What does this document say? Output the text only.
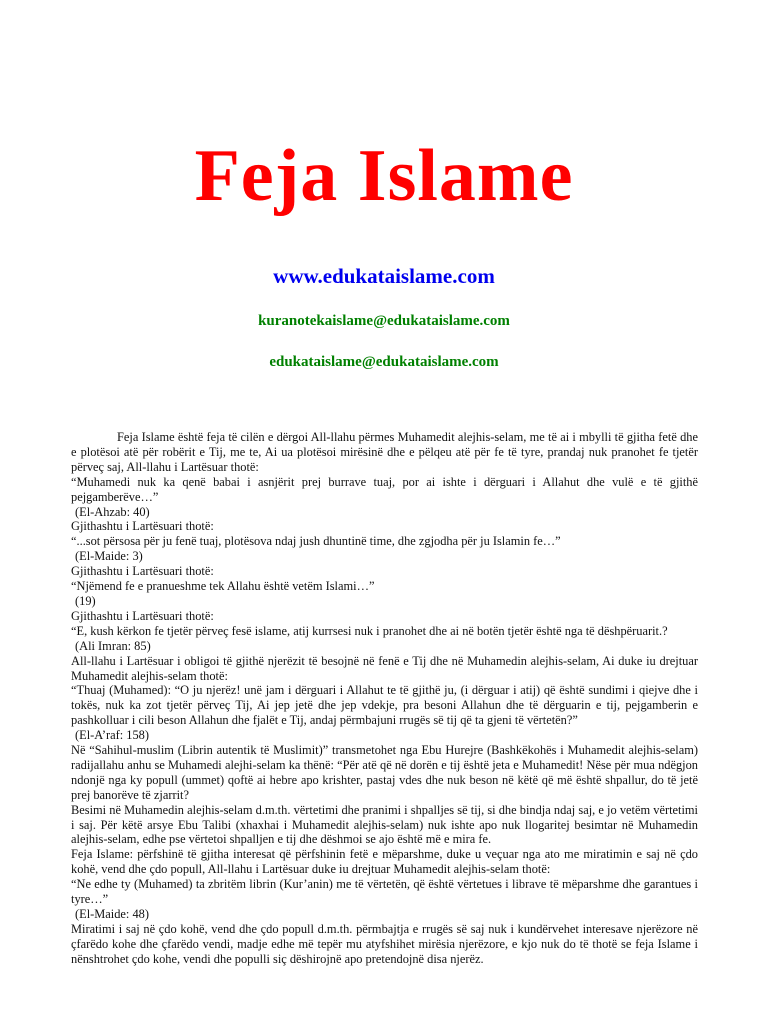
Feja Islame
www.edukataislame.com
kuranotekaislame@edukataislame.com
edukataislame@edukataislame.com

Feja Islame është feja të cilën e dërgoi All-llahu përmes Muhamedit alejhis-selam, me të ai i mbylli të gjitha fetë dhe e plotësoi atë për robërit e Tij, me te, Ai ua plotësoi mirësinë dhe e pëlqeu atë për fe të tyre, prandaj nuk pranohet fe tjetër përveç saj, All-llahu i Lartësuar thotë:

“Muhamedi nuk ka qenë babai i asnjërit prej burrave tuaj, por ai ishte i dërguari i Allahut dhe vulë e të gjithë pejgamberëve…”

(El-Ahzab: 40)

Gjithashtu i Lartësuari thotë:

“...sot përsosa për ju fenë tuaj, plotësova ndaj jush dhuntinë time, dhe zgjodha për ju Islamin fe…”

(El-Maide: 3)

Gjithashtu i Lartësuari thotë:

“Njëmend fe e pranueshme tek Allahu është vetëm Islami…”

(19)

Gjithashtu i Lartësuari thotë:

“E, kush kërkon fe tjetër përveç fesë islame, atij kurrsesi nuk i pranohet dhe ai në botën tjetër është nga të dëshpëruarit.?

(Ali Imran: 85)

All-llahu i Lartësuar i obligoi të gjithë njerëzit të besojnë në fenë e Tij dhe në Muhamedin alejhis-selam, Ai duke iu drejtuar Muhamedit alejhis-selam thotë:

“Thuaj (Muhamed): “O ju njerëz! unë jam i dërguari i Allahut te të gjithë ju, (i dërguar i atij) që është sundimi i qiejve dhe i tokës, nuk ka zot tjetër përveç Tij, Ai jep jetë dhe jep vdekje, pra besoni Allahun dhe të dërguarin e tij, pejgamberin e pashkolluar i cili beson Allahun dhe fjalët e Tij, andaj përmbajuni rrugës së tij që ta gjeni të vërtetën?”

(El-A’raf: 158)

Në “Sahihul-muslim (Librin autentik të Muslimit)” transmetohet nga Ebu Hurejre (Bashkëkohës i Muhamedit alejhis-selam) radijallahu anhu se Muhamedi alejhi-selam ka thënë: “Për atë që në dorën e tij është jeta e Muhamedit! Nëse për mua ndëgjon ndonjë nga ky popull (ummet) qoftë ai hebre apo krishter, pastaj vdes dhe nuk beson në këtë që më është shpallur, do të jetë prej banorëve të zjarrit?

Besimi në Muhamedin alejhis-selam d.m.th. vërtetimi dhe pranimi i shpalljes së tij, si dhe bindja ndaj saj, e jo vetëm vërtetimi i saj. Për këtë arsye Ebu Talibi (xhaxhai i Muhamedit alejhis-selam) nuk ishte apo nuk llogaritej besimtar në Muhamedin alejhis-selam, edhe pse vërtetoi shpalljen e tij dhe dëshmoi se ajo është më e mira fe.

Feja Islame: përfshinë të gjitha interesat që përfshinin fetë e mëparshme, duke u veçuar nga ato me miratimin e saj në çdo kohë, vend dhe çdo popull, All-llahu i Lartësuar duke iu drejtuar Muhamedit alejhis-selam thotë:

“Ne edhe ty (Muhamed) ta zbritëm librin (Kur’anin) me të vërtetën, që është vërtetues i librave të mëparshme dhe garantues i tyre…”

(El-Maide: 48)

Miratimi i saj në çdo kohë, vend dhe çdo popull d.m.th. përmbajtja e rrugës së saj nuk i kundërvehet interesave njerëzore në çfarëdo kohe dhe çfarëdo vendi, madje edhe më tepër mu atyfshihet mirësia njerëzore, e kjo nuk do të thotë se feja Islame i nënshtrohet çdo kohe, vendi dhe populli siç dëshirojnë apo pretendojnë disa njerëz.
